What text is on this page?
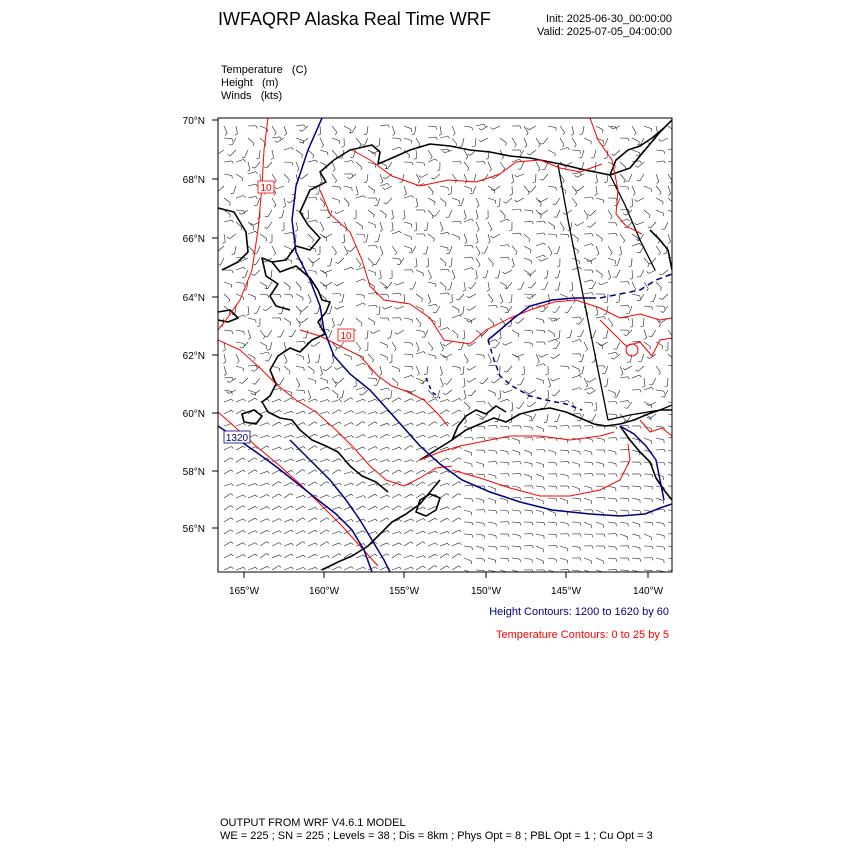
IWFAQRP Alaska Real Time WRF	Init: 2025-06-30_00:00:00
Valid: 2025-07-05_04:00:00
Temperature   (C)
Height   (m)
Winds   (kts)
10
10
1320
70°N
68°N
66°N
64°N
62°N
60°N
58°N
56°N
165°W	160°W	155°W	150°W	145°W	140°W
Height Contours: 1200 to 1620 by 60
Temperature Contours: 0 to 25 by 5
OUTPUT FROM WRF V4.6.1 MODEL
WE = 225 ; SN = 225 ; Levels = 38 ; Dis = 8km ; Phys Opt = 8 ; PBL Opt = 1 ; Cu Opt = 3
